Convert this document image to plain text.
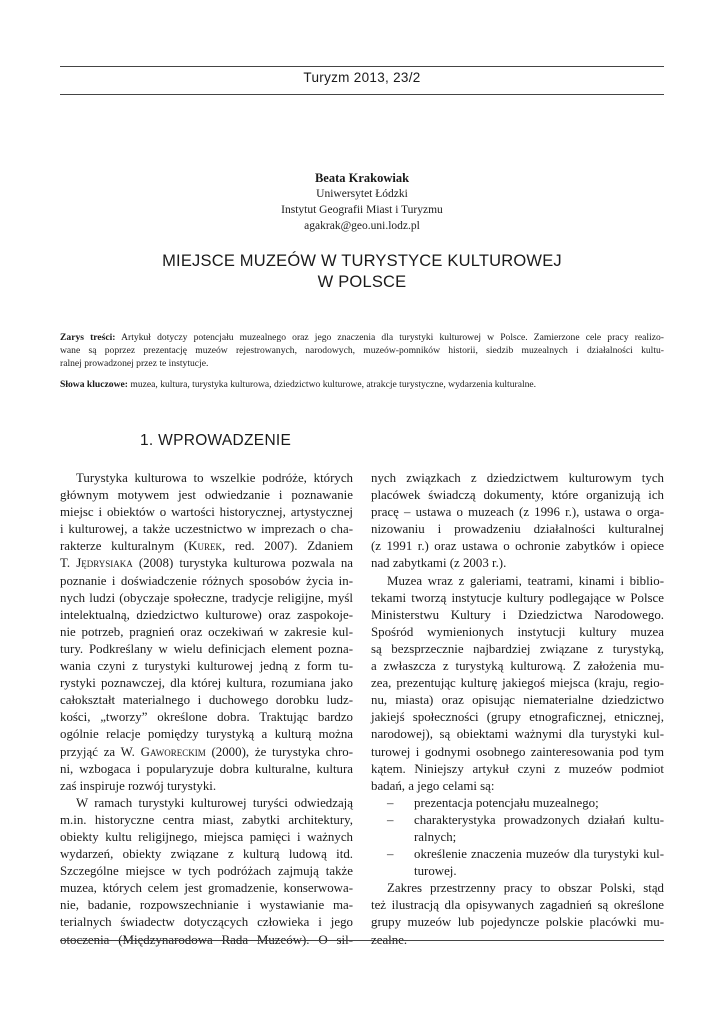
Turyzm 2013, 23/2
Beata Krakowiak
Uniwersytet Łódzki
Instytut Geografii Miast i Turyzmu
agakrak@geo.uni.lodz.pl
MIEJSCE MUZEÓW W TURYSTYCE KULTUROWEJ
W POLSCE

Zarys treści: Artykuł dotyczy potencjału muzealnego oraz jego znaczenia dla turystyki kulturowej w Polsce. Zamierzone cele pracy realizo-

wane są poprzez prezentację muzeów rejestrowanych, narodowych, muzeów-pomników historii, siedzib muzealnych i działalności kultu-

ralnej prowadzonej przez te instytucje.

Słowa kluczowe: muzea, kultura, turystyka kulturowa, dziedzictwo kulturowe, atrakcje turystyczne, wydarzenia kulturalne.

1. WPROWADZENIE

Turystyka kulturowa to wszelkie podróże, których

głównym motywem jest odwiedzanie i poznawanie

miejsc i obiektów o wartości historycznej, artystycznej

i kulturowej, a także uczestnictwo w imprezach o cha-

rakterze kulturalnym (Kurek, red. 2007). Zdaniem

T. Jędrysiaka (2008) turystyka kulturowa pozwala na

poznanie i doświadczenie różnych sposobów życia in-

nych ludzi (obyczaje społeczne, tradycje religijne, myśl

intelektualną, dziedzictwo kulturowe) oraz zaspokoje-

nie potrzeb, pragnień oraz oczekiwań w zakresie kul-

tury. Podkreślany w wielu definicjach element pozna-

wania czyni z turystyki kulturowej jedną z form tu-

rystyki poznawczej, dla której kultura, rozumiana jako

całokształt materialnego i duchowego dorobku ludz-

kości, „tworzy” określone dobra. Traktując bardzo

ogólnie relacje pomiędzy turystyką a kulturą można

przyjąć za W. Gaworeckim (2000), że turystyka chro-

ni, wzbogaca i popularyzuje dobra kulturalne, kultura

zaś inspiruje rozwój turystyki.

W ramach turystyki kulturowej turyści odwiedzają

m.in. historyczne centra miast, zabytki architektury,

obiekty kultu religijnego, miejsca pamięci i ważnych

wydarzeń, obiekty związane z kulturą ludową itd.

Szczególne miejsce w tych podróżach zajmują także

muzea, których celem jest gromadzenie, konserwowa-

nie, badanie, rozpowszechnianie i wystawianie ma-

terialnych świadectw dotyczących człowieka i jego

otoczenia (Międzynarodowa Rada Muzeów). O sil-

nych związkach z dziedzictwem kulturowym tych

placówek świadczą dokumenty, które organizują ich

pracę – ustawa o muzeach (z 1996 r.), ustawa o orga-

nizowaniu i prowadzeniu działalności kulturalnej

(z 1991 r.) oraz ustawa o ochronie zabytków i opiece

nad zabytkami (z 2003 r.).

Muzea wraz z galeriami, teatrami, kinami i biblio-

tekami tworzą instytucje kultury podlegające w Polsce

Ministerstwu Kultury i Dziedzictwa Narodowego.

Spośród wymienionych instytucji kultury muzea

są bezsprzecznie najbardziej związane z turystyką,

a zwłaszcza z turystyką kulturową. Z założenia mu-

zea, prezentując kulturę jakiegoś miejsca (kraju, regio-

nu, miasta) oraz opisując niematerialne dziedzictwo

jakiejś społeczności (grupy etnograficznej, etnicznej,

narodowej), są obiektami ważnymi dla turystyki kul-

turowej i godnymi osobnego zainteresowania pod tym

kątem. Niniejszy artykuł czyni z muzeów podmiot

badań, a jego celami są:

– prezentacja potencjału muzealnego;

– charakterystyka prowadzonych działań kultu-

ralnych;

– określenie znaczenia muzeów dla turystyki kul-

turowej.

Zakres przestrzenny pracy to obszar Polski, stąd

też ilustracją dla opisywanych zagadnień są określone

grupy muzeów lub pojedyncze polskie placówki mu-

zealne.
